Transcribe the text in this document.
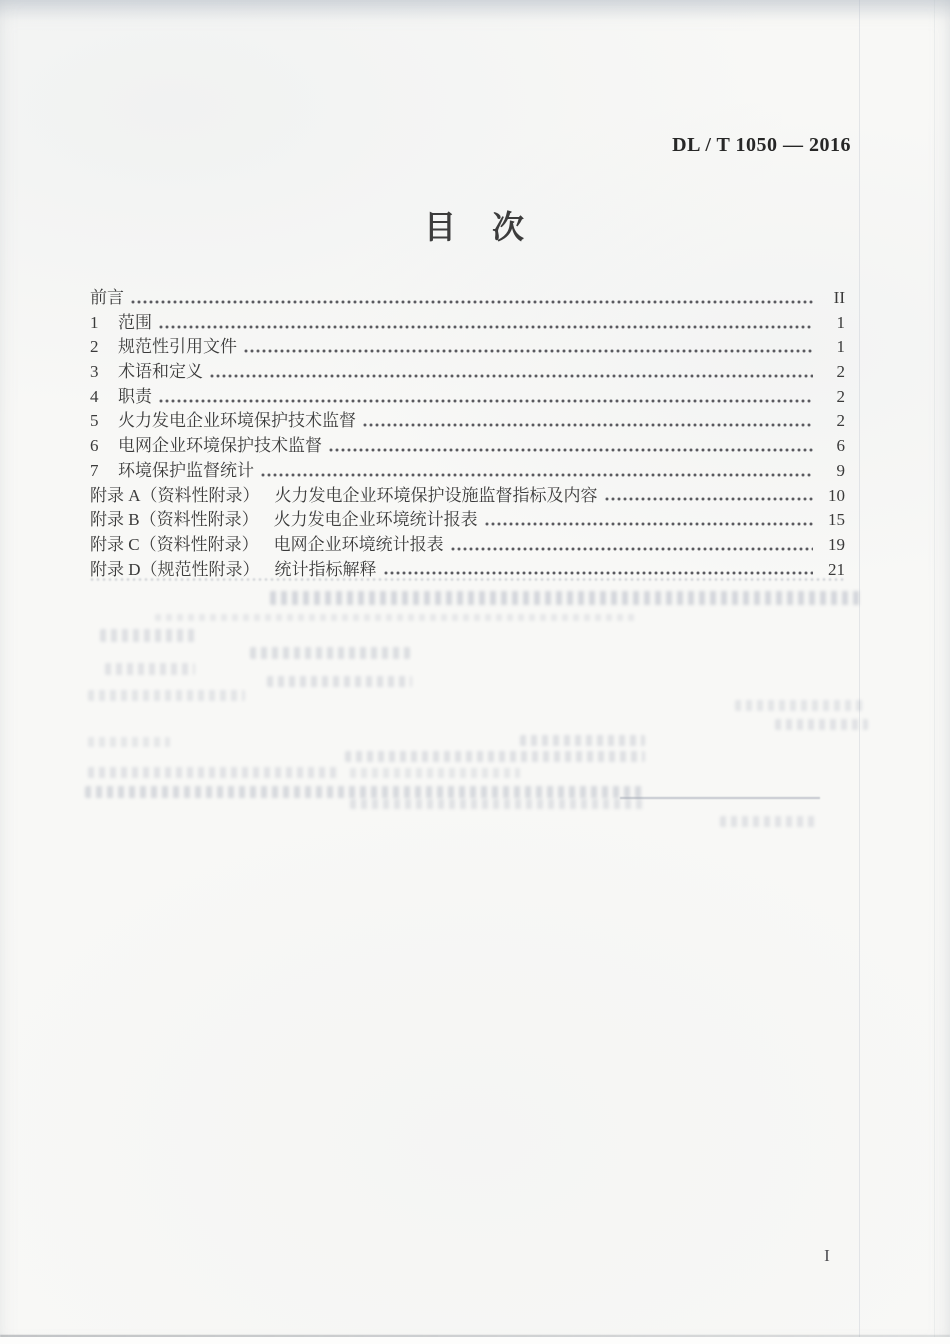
DL / T 1050 — 2016
目　次
前言	II
1 范围	1
2 规范性引用文件	1
3 术语和定义	2
4 职责	2
5 火力发电企业环境保护技术监督	2
6 电网企业环境保护技术监督	6
7 环境保护监督统计	9
附录 A（资料性附录） 火力发电企业环境保护设施监督指标及内容	10
附录 B（资料性附录） 火力发电企业环境统计报表	15
附录 C（资料性附录） 电网企业环境统计报表	19
附录 D（规范性附录） 统计指标解释	21
I
